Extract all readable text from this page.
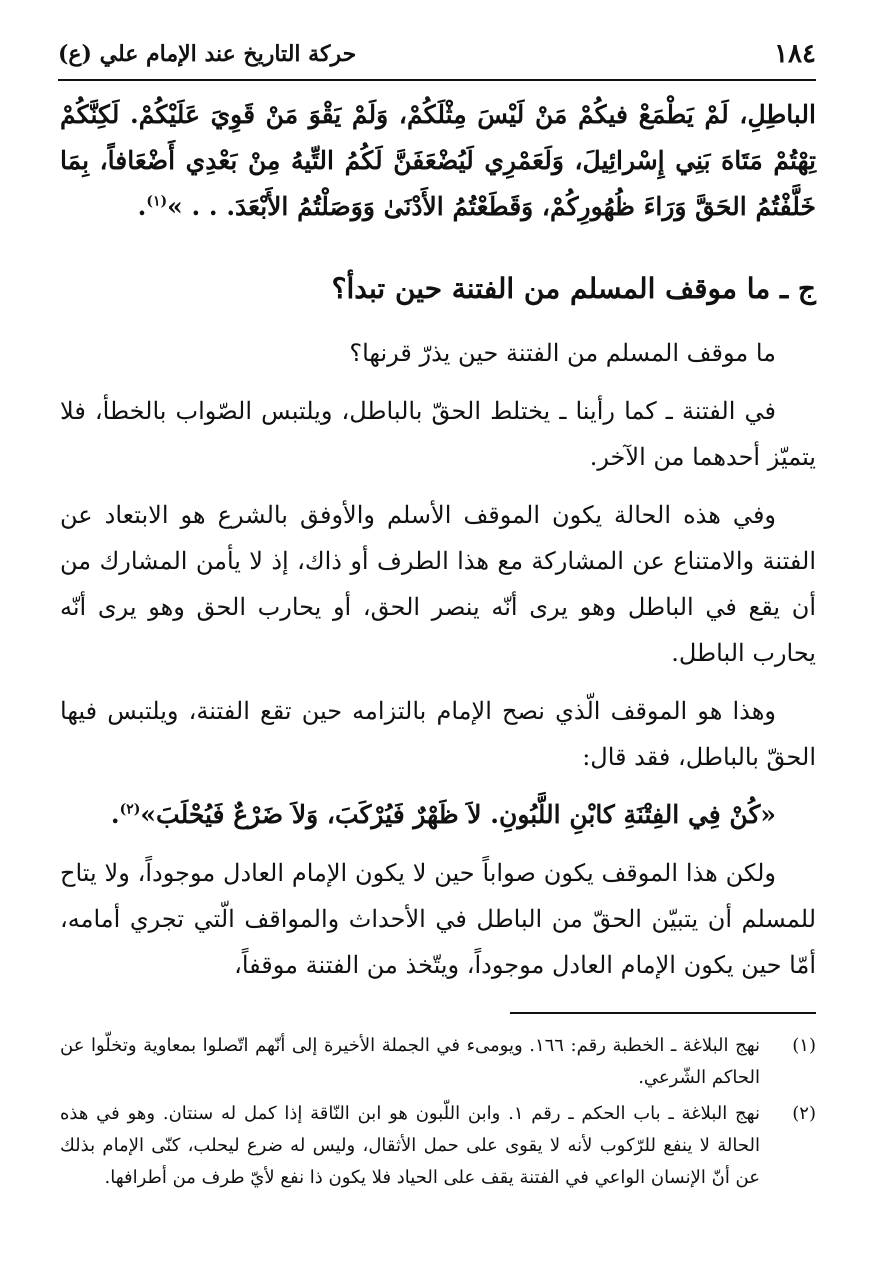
١٨٤
حركة التاريخ عند الإمام علي (ع)

الباطِلِ، لَمْ يَطْمَعْ فيكُمْ مَنْ لَيْسَ مِثْلَكُمْ، وَلَمْ يَقْوَ مَنْ قَوِيَ عَلَيْكُمْ. لَكِنَّكُمْ تِهْتُمْ مَتَاهَ بَنِي إِسْرائِيلَ، وَلَعَمْرِي لَيُضْعَفَنَّ لَكُمُ التِّيهُ مِنْ بَعْدِي أَضْعَافاً، بِمَا خَلَّفْتُمُ الحَقَّ وَرَاءَ ظُهُورِكُمْ، وَقَطَعْتُمُ الأَدْنَىٰ وَوَصَلْتُمُ الأَبْعَدَ. . . »$^{(١)}$.

ج ـ ما موقف المسلم من الفتنة حين تبدأ؟

ما موقف المسلم من الفتنة حين يذرّ قرنها؟

في الفتنة ـ كما رأينا ـ يختلط الحقّ بالباطل، ويلتبس الصّواب بالخطأ، فلا يتميّز أحدهما من الآخر.

وفي هذه الحالة يكون الموقف الأسلم والأوفق بالشرع هو الابتعاد عن الفتنة والامتناع عن المشاركة مع هذا الطرف أو ذاك، إذ لا يأمن المشارك من أن يقع في الباطل وهو يرى أنّه ينصر الحق، أو يحارب الحق وهو يرى أنّه يحارب الباطل.

وهذا هو الموقف الّذي نصح الإمام بالتزامه حين تقع الفتنة، ويلتبس فيها الحقّ بالباطل، فقد قال:

«كُنْ فِي الفِتْنَةِ كابْنِ اللَّبُونِ. لاَ ظَهْرٌ فَيُرْكَبَ، وَلاَ ضَرْعٌ فَيُحْلَبَ»$^{(٢)}$.

ولكن هذا الموقف يكون صواباً حين لا يكون الإمام العادل موجوداً، ولا يتاح للمسلم أن يتبيّن الحقّ من الباطل في الأحداث والمواقف الّتي تجري أمامه، أمّا حين يكون الإمام العادل موجوداً، ويتّخذ من الفتنة موقفاً،

(١)
نهج البلاغة ـ الخطبة رقم: ١٦٦. ويومىء في الجملة الأخيرة إلى أنّهم اتّصلوا بمعاوية وتخلّوا عن الحاكم الشّرعي.
(٢)
نهج البلاغة ـ باب الحكم ـ رقم ١. وابن اللّبون هو ابن النّاقة إذا كمل له سنتان. وهو في هذه الحالة لا ينفع للرّكوب لأنه لا يقوى على حمل الأثقال، وليس له ضرع ليحلب، كنّى الإمام بذلك عن أنّ الإنسان الواعي في الفتنة يقف على الحياد فلا يكون ذا نفع لأيّ طرف من أطرافها.
